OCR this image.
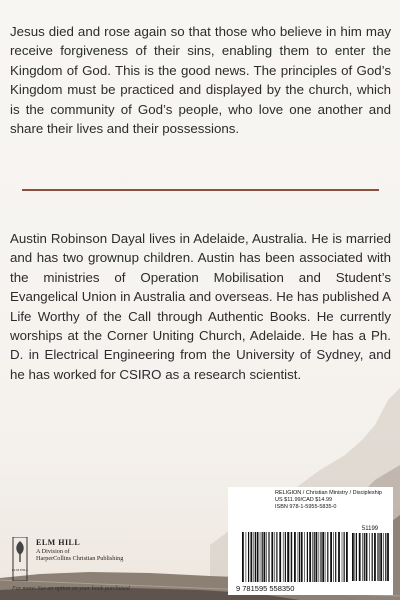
Jesus died and rose again so that those who believe in him may receive forgiveness of their sins, enabling them to enter the Kingdom of God. This is the good news. The principles of God’s Kingdom must be practiced and displayed by the church, which is the community of God’s people, who love one another and share their lives and their possessions.

Austin Robinson Dayal lives in Adelaide, Australia. He is married and has two grownup children. Austin has been associated with the ministries of Operation Mobilisation and Student’s Evangelical Union in Australia and overseas. He has published A Life Worthy of the Call through Authentic Books. He currently worships at the Corner Uniting Church, Adelaide. He has a Ph. D. in Electrical Engineering from the University of Sydney, and he has worked for CSIRO as a research scientist.

ELM HILL
ELM HILL
A Division of
HarperCollins Christian Publishing
For more. See an option on your book purchased
RELIGION / Christian Ministry / Discipleship
US $11.99/CAD $14.99
ISBN 978-1-5955-5835-0
51199
9 781595 558350
